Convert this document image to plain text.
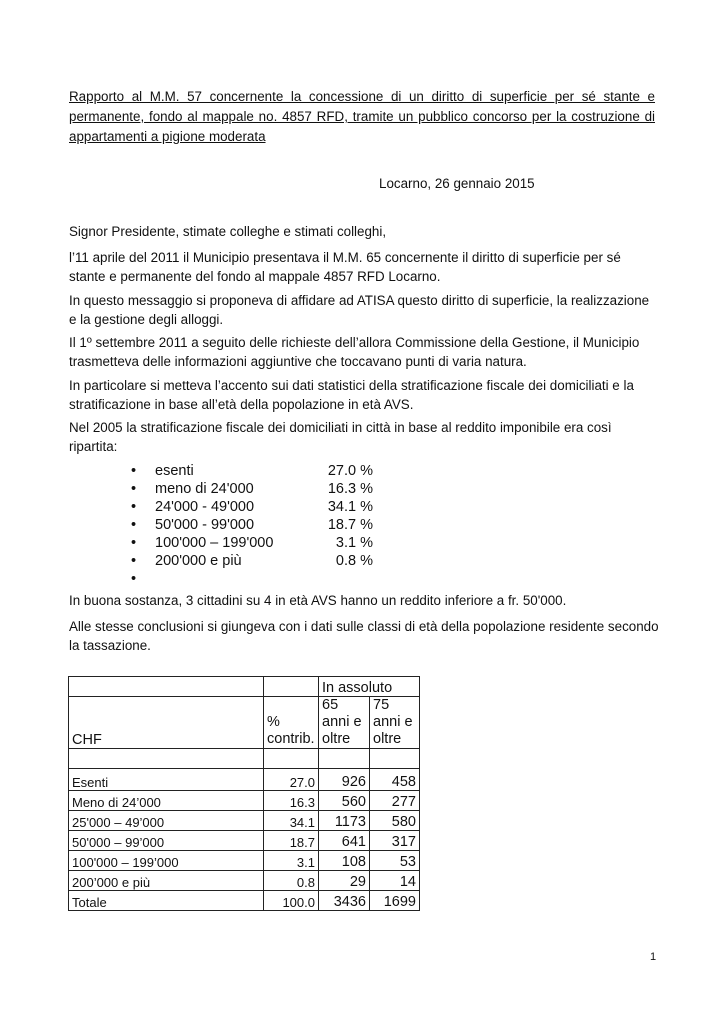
Rapporto al M.M. 57 concernente la concessione di un diritto di superficie per sé stante e permanente, fondo al mappale no. 4857 RFD, tramite un pubblico concorso per la costruzione di appartamenti a pigione moderata

Locarno, 26 gennaio 2015

Signor Presidente, stimate colleghe e stimati colleghi,

l’11 aprile del 2011 il Municipio presentava il M.M. 65 concernente il diritto di superficie per sé stante e permanente del fondo al mappale 4857 RFD Locarno.

In questo messaggio si proponeva di affidare ad ATISA questo diritto di superficie, la realizzazione e la gestione degli alloggi.

Il 1º settembre 2011 a seguito delle richieste dell’allora Commissione della Gestione, il Municipio trasmetteva delle informazioni aggiuntive che toccavano punti di varia natura.

In particolare si metteva l’accento sui dati statistici della stratificazione fiscale dei domiciliati e la stratificazione in base all’età della popolazione in età AVS.

Nel 2005 la stratificazione fiscale dei domiciliati in città in base al reddito imponibile era così ripartita:

•	esenti	27.0 %
•	meno di 24'000	16.3 %
•	24'000 - 49'000	34.1 %
•	50'000 - 99'000	18.7 %
•	100'000 – 199'000	3.1 %
•	200'000 e più	0.8 %
•

In buona sostanza, 3 cittadini su 4 in età AVS hanno un reddito inferiore a fr. 50'000.

Alle stesse conclusioni si giungeva con i dati sulle classi di età della popolazione residente secondo la tassazione.

		In assoluto	
CHF	% contrib.	65 anni e oltre	75 anni e oltre

Esenti	27.0	926	458
Meno di 24’000	16.3	560	277
25'000 – 49’000	34.1	1173	580
50'000 – 99’000	18.7	641	317
100'000 – 199’000	3.1	108	53
200’000 e più	0.8	29	14
Totale	100.0	3436	1699

1
